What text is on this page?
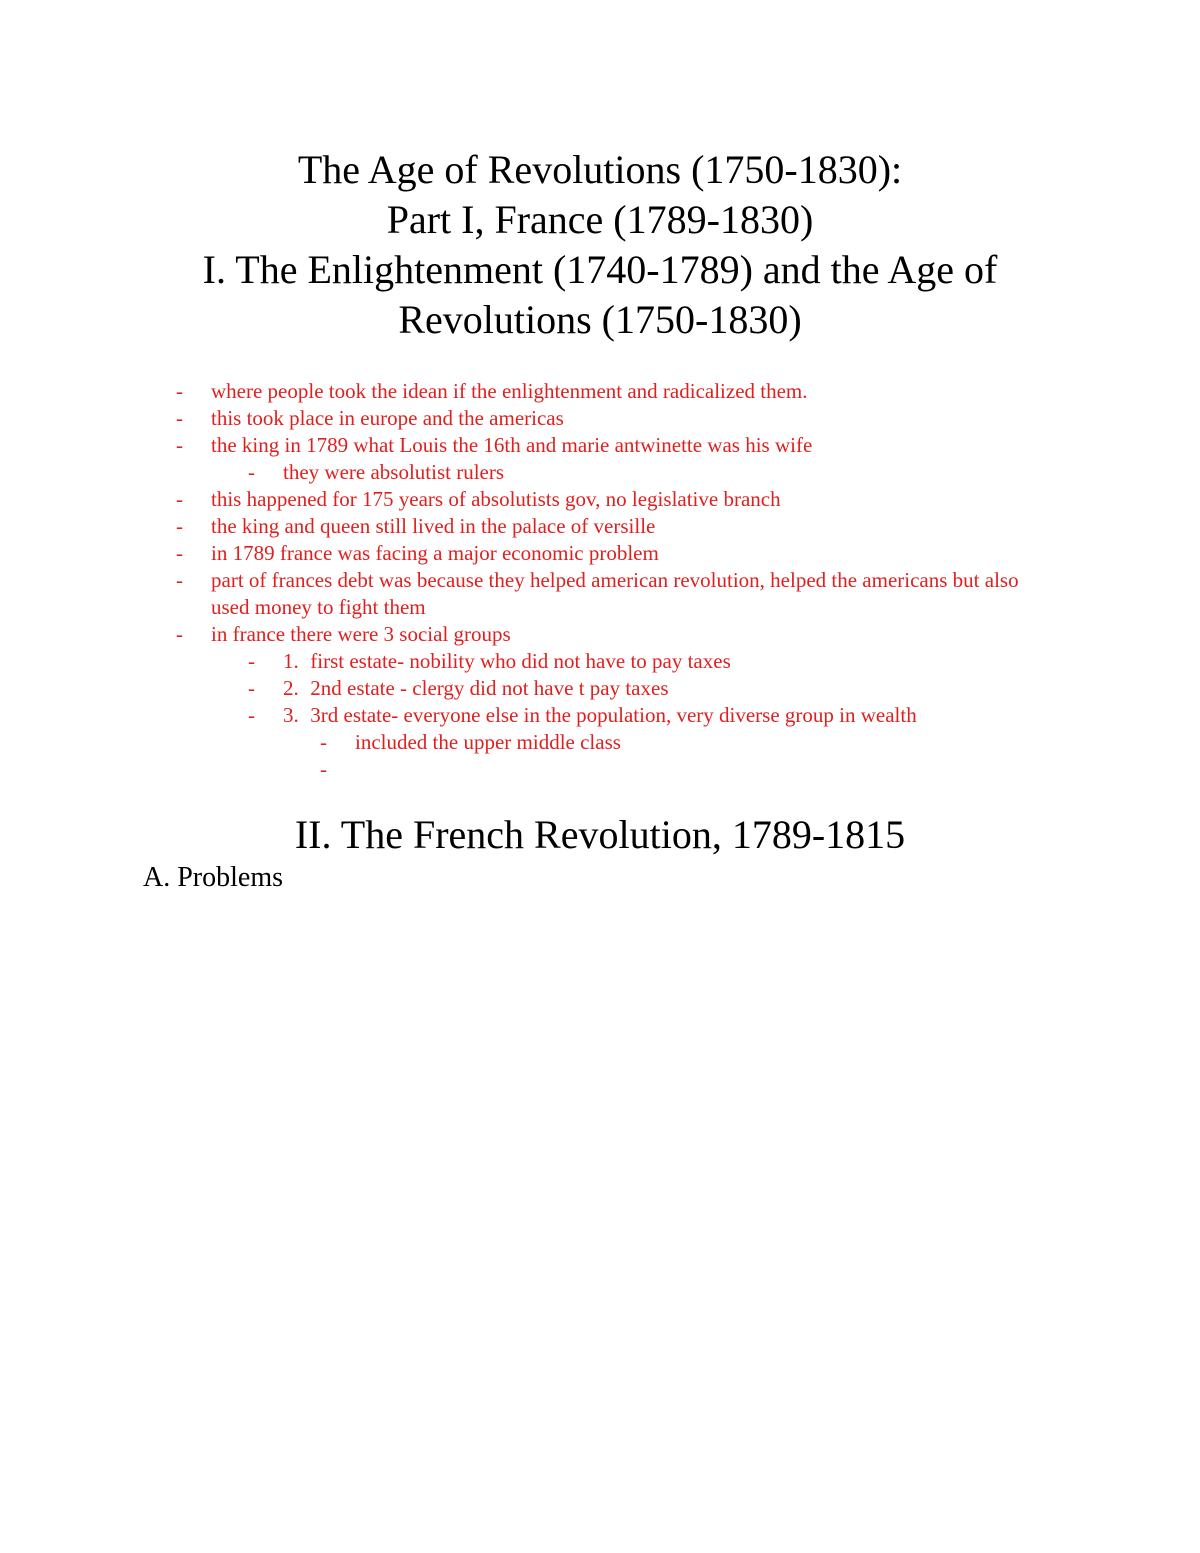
The Age of Revolutions (1750-1830):
Part I, France (1789-1830)
I. The Enlightenment (1740-1789) and the Age of
Revolutions (1750-1830)
- where people took the idean if the enlightenment and radicalized them.
- this took place in europe and the americas
- the king in 1789 what Louis the 16th and marie antwinette was his wife
- they were absolutist rulers
- this happened for 175 years of absolutists gov, no legislative branch
- the king and queen still lived in the palace of versille
- in 1789 france was facing a major economic problem
- part of frances debt was because they helped american revolution, helped the americans but also used money to fight them
- in france there were 3 social groups
- 1. first estate- nobility who did not have to pay taxes
- 2. 2nd estate - clergy did not have t pay taxes
- 3. 3rd estate- everyone else in the population, very diverse group in wealth
- included the upper middle class
-
II. The French Revolution, 1789-1815
A. Problems
